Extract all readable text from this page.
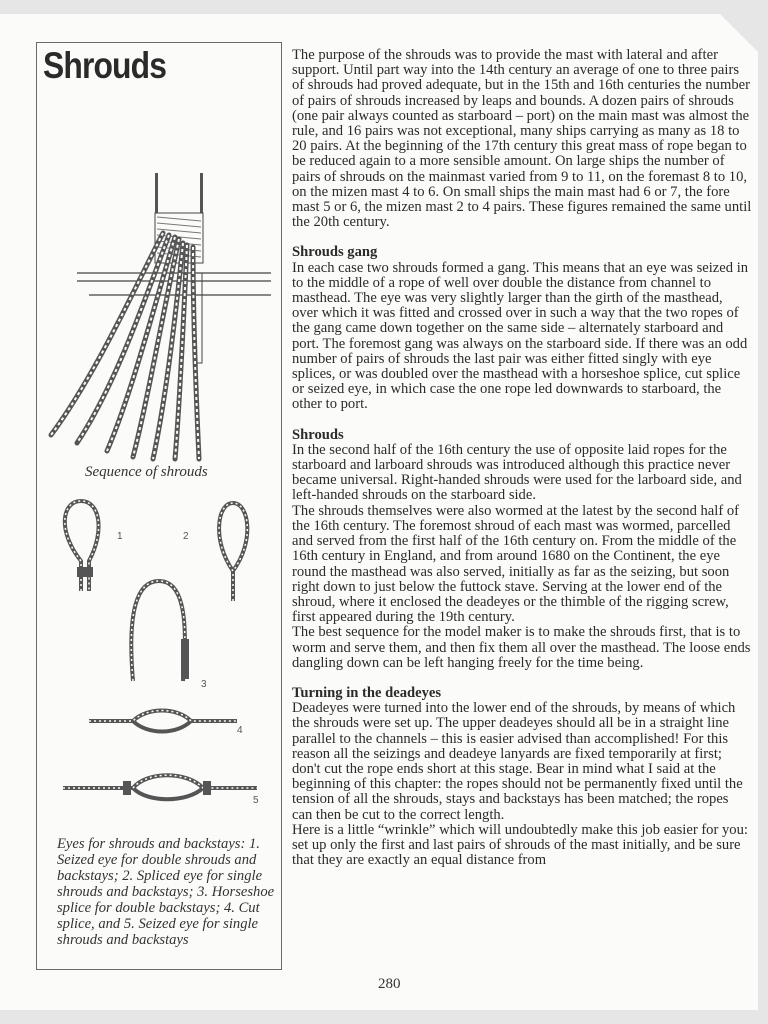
Shrouds

Sequence of shrouds

1	2
3
4
5

Eyes for shrouds and backstays: 1. Seized eye for double shrouds and backstays; 2. Spliced eye for single shrouds and backstays; 3. Horseshoe splice for double backstays; 4. Cut splice, and 5. Seized eye for single shrouds and backstays

The purpose of the shrouds was to provide the mast with lateral and after support. Until part way into the 14th century an average of one to three pairs of shrouds had proved adequate, but in the 15th and 16th centuries the number of pairs of shrouds increased by leaps and bounds. A dozen pairs of shrouds (one pair always counted as starboard – port) on the main mast was almost the rule, and 16 pairs was not exceptional, many ships carrying as many as 18 to 20 pairs. At the beginning of the 17th century this great mass of rope began to be reduced again to a more sensible amount. On large ships the number of pairs of shrouds on the mainmast varied from 9 to 11, on the foremast 8 to 10, on the mizen mast 4 to 6. On small ships the main mast had 6 or 7, the fore mast 5 or 6, the mizen mast 2 to 4 pairs. These figures remained the same until the 20th century.

Shrouds gang

In each case two shrouds formed a gang. This means that an eye was seized in to the middle of a rope of well over double the distance from channel to masthead. The eye was very slightly larger than the girth of the masthead, over which it was fitted and crossed over in such a way that the two ropes of the gang came down together on the same side – alternately starboard and port. The foremost gang was always on the starboard side. If there was an odd number of pairs of shrouds the last pair was either fitted singly with eye splices, or was doubled over the masthead with a horseshoe splice, cut splice or seized eye, in which case the one rope led downwards to starboard, the other to port.

Shrouds

In the second half of the 16th century the use of opposite laid ropes for the starboard and larboard shrouds was introduced although this practice never became universal. Right-handed shrouds were used for the larboard side, and left-handed shrouds on the starboard side.

The shrouds themselves were also wormed at the latest by the second half of the 16th century. The foremost shroud of each mast was wormed, parcelled and served from the first half of the 16th century on. From the middle of the 16th century in England, and from around 1680 on the Continent, the eye round the masthead was also served, initially as far as the seizing, but soon right down to just below the futtock stave. Serving at the lower end of the shroud, where it enclosed the deadeyes or the thimble of the rigging screw, first appeared during the 19th century.

The best sequence for the model maker is to make the shrouds first, that is to worm and serve them, and then fix them all over the masthead. The loose ends dangling down can be left hanging freely for the time being.

Turning in the deadeyes

Deadeyes were turned into the lower end of the shrouds, by means of which the shrouds were set up. The upper deadeyes should all be in a straight line parallel to the channels – this is easier advised than accomplished! For this reason all the seizings and deadeye lanyards are fixed temporarily at first; don't cut the rope ends short at this stage. Bear in mind what I said at the beginning of this chapter: the ropes should not be permanently fixed until the tension of all the shrouds, stays and backstays has been matched; the ropes can then be cut to the correct length.

Here is a little “wrinkle” which will undoubtedly make this job easier for you: set up only the first and last pairs of shrouds of the mast initially, and be sure that they are exactly an equal distance from

280
